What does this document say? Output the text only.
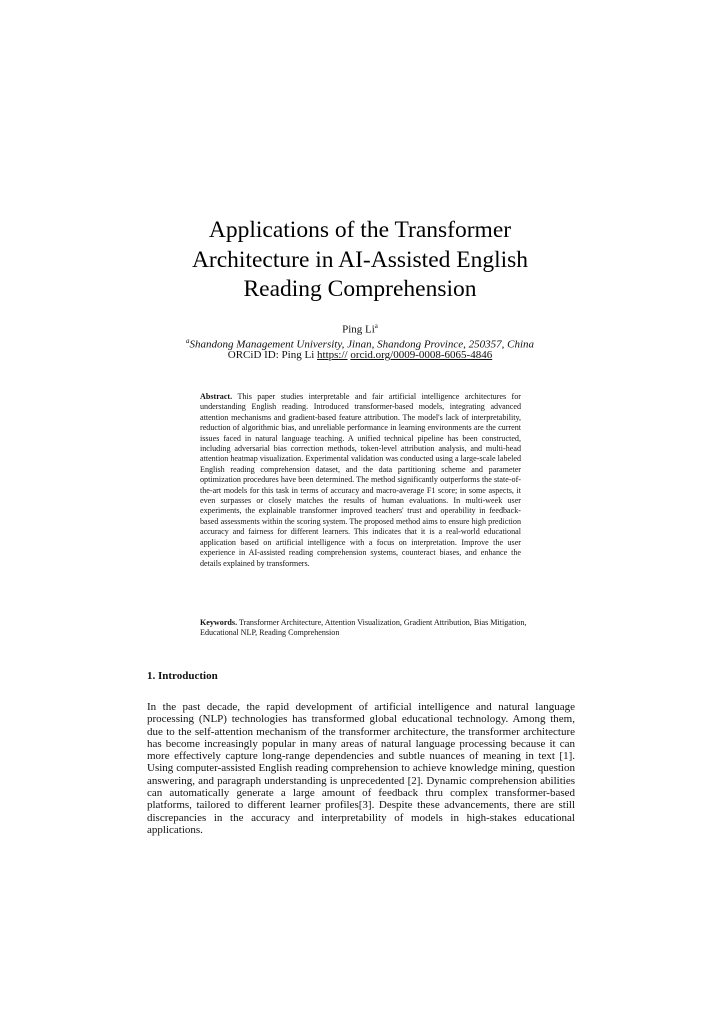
Applications of the Transformer
Architecture in AI-Assisted English
Reading Comprehension
Ping Li$^a$
$^a$Shandong Management University, Jinan, Shandong Province, 250357, China
ORCiD ID: Ping Li https:// orcid.org/0009-0008-6065-4846
Abstract. This paper studies interpretable and fair artificial intelligence architectures for understanding English reading. Introduced transformer-based models, integrating advanced attention mechanisms and gradient-based feature attribution. The model's lack of interpretability, reduction of algorithmic bias, and unreliable performance in learning environments are the current issues faced in natural language teaching. A unified technical pipeline has been constructed, including adversarial bias correction methods, token-level attribution analysis, and multi-head attention heatmap visualization. Experimental validation was conducted using a large-scale labeled English reading comprehension dataset, and the data partitioning scheme and parameter optimization procedures have been determined. The method significantly outperforms the state-of-the-art models for this task in terms of accuracy and macro-average F1 score; in some aspects, it even surpasses or closely matches the results of human evaluations. In multi-week user experiments, the explainable transformer improved teachers' trust and operability in feedback-based assessments within the scoring system. The proposed method aims to ensure high prediction accuracy and fairness for different learners. This indicates that it is a real-world educational application based on artificial intelligence with a focus on interpretation. Improve the user experience in AI-assisted reading comprehension systems, counteract biases, and enhance the details explained by transformers.
Keywords. Transformer Architecture, Attention Visualization, Gradient Attribution, Bias Mitigation, Educational NLP, Reading Comprehension
1. Introduction
In the past decade, the rapid development of artificial intelligence and natural language processing (NLP) technologies has transformed global educational technology. Among them, due to the self-attention mechanism of the transformer architecture, the transformer architecture has become increasingly popular in many areas of natural language processing because it can more effectively capture long-range dependencies and subtle nuances of meaning in text [1]. Using computer-assisted English reading comprehension to achieve knowledge mining, question answering, and paragraph understanding is unprecedented [2]. Dynamic comprehension abilities can automatically generate a large amount of feedback thru complex transformer-based platforms, tailored to different learner profiles[3]. Despite these advancements, there are still discrepancies in the accuracy and interpretability of models in high-stakes educational applications.
